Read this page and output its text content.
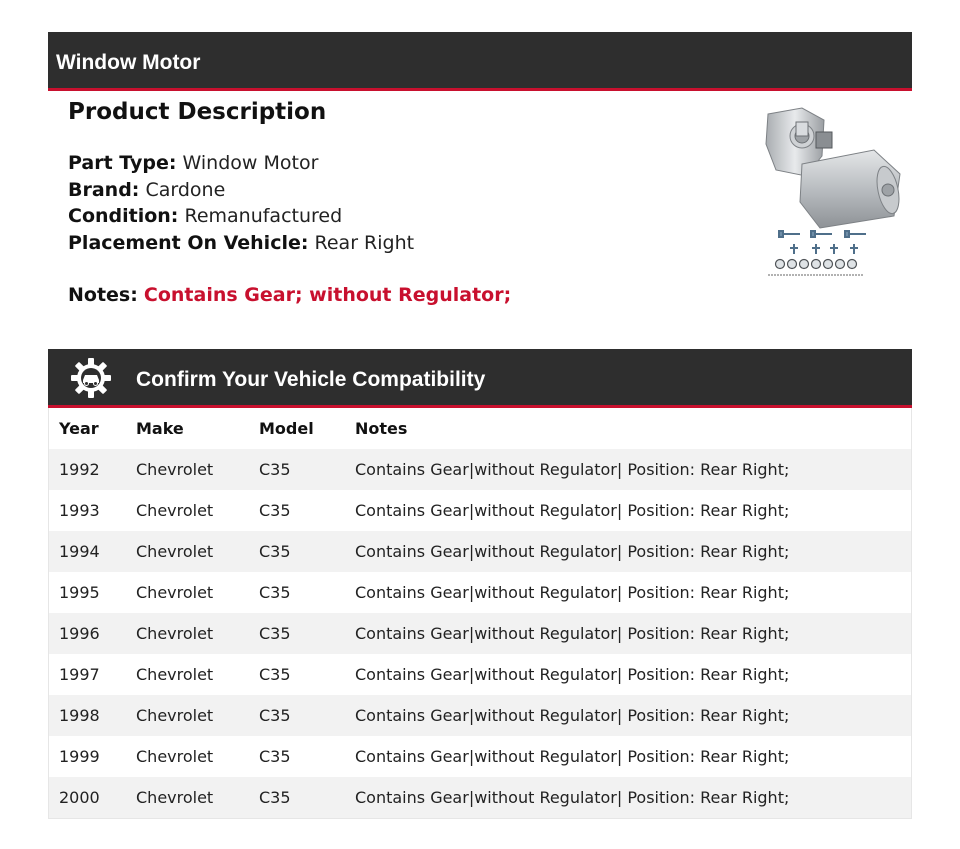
Window Motor
Product Description
Part Type: Window Motor
Brand: Cardone
Condition: Remanufactured
Placement On Vehicle: Rear Right
Notes: Contains Gear; without Regulator;
Confirm Your Vehicle Compatibility
Year Make	Model	Notes
1992 Chevrolet	C35	Contains Gear|without Regulator| Position: Rear Right;
1993 Chevrolet	C35	Contains Gear|without Regulator| Position: Rear Right;
1994 Chevrolet	C35	Contains Gear|without Regulator| Position: Rear Right;
1995 Chevrolet	C35	Contains Gear|without Regulator| Position: Rear Right;
1996 Chevrolet	C35	Contains Gear|without Regulator| Position: Rear Right;
1997 Chevrolet	C35	Contains Gear|without Regulator| Position: Rear Right;
1998 Chevrolet	C35	Contains Gear|without Regulator| Position: Rear Right;
1999 Chevrolet	C35	Contains Gear|without Regulator| Position: Rear Right;
2000 Chevrolet	C35	Contains Gear|without Regulator| Position: Rear Right;
